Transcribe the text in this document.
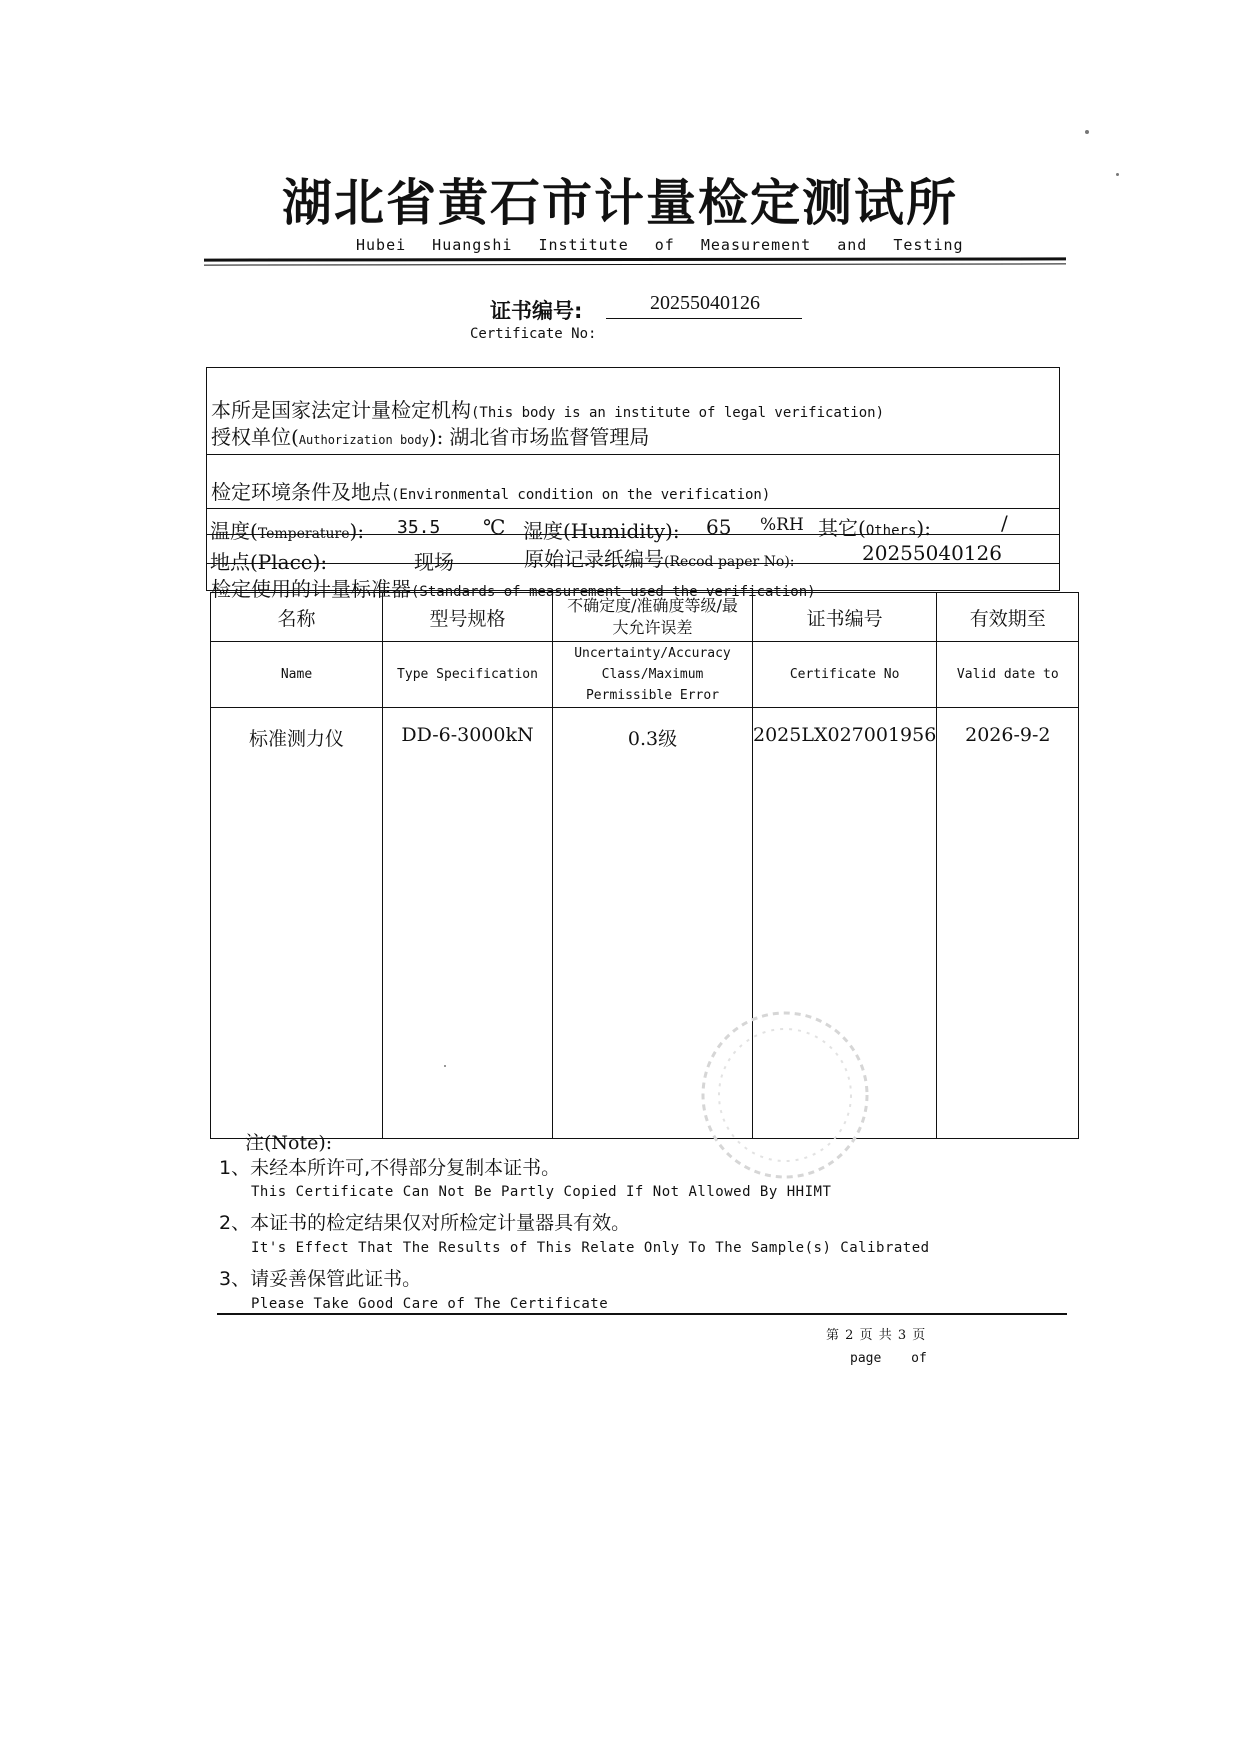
湖北省黄石市计量检定测试所
Hubei Huangshi Institute of Measurement and Testing
证书编号:	20255040126
Certificate No:
本所是国家法定计量检定机构(This body is an institute of legal verification)
授权单位(Authorization body): 湖北省市场监督管理局
检定环境条件及地点(Environmental condition on the verification)
温度(Temperature): 35.5 ℃ 湿度(Humidity): 65 %RH 其它(Others):	/
地点(Place):	现场	原始记录纸编号(Recod paper No):	20255040126
检定使用的计量标准器(Standards of measurement used the verification)
名称	型号规格	不确定度/准确度等级/最大允许误差	证书编号	有效期至
Name	Type Specification	Uncertainty/Accuracy Class/Maximum Permissible Error	Certificate No	Valid date to
标准测力仪	DD-6-3000kN	0.3级	2025LX027001956	2026-9-2
注(Note):
1、未经本所许可,不得部分复制本证书。
This Certificate Can Not Be Partly Copied If Not Allowed By HHIMT
2、本证书的检定结果仅对所检定计量器具有效。
It's Effect That The Results of This Relate Only To The Sample(s) Calibrated
3、请妥善保管此证书。
Please Take Good Care of The Certificate
第 2 页 共 3 页
page of
